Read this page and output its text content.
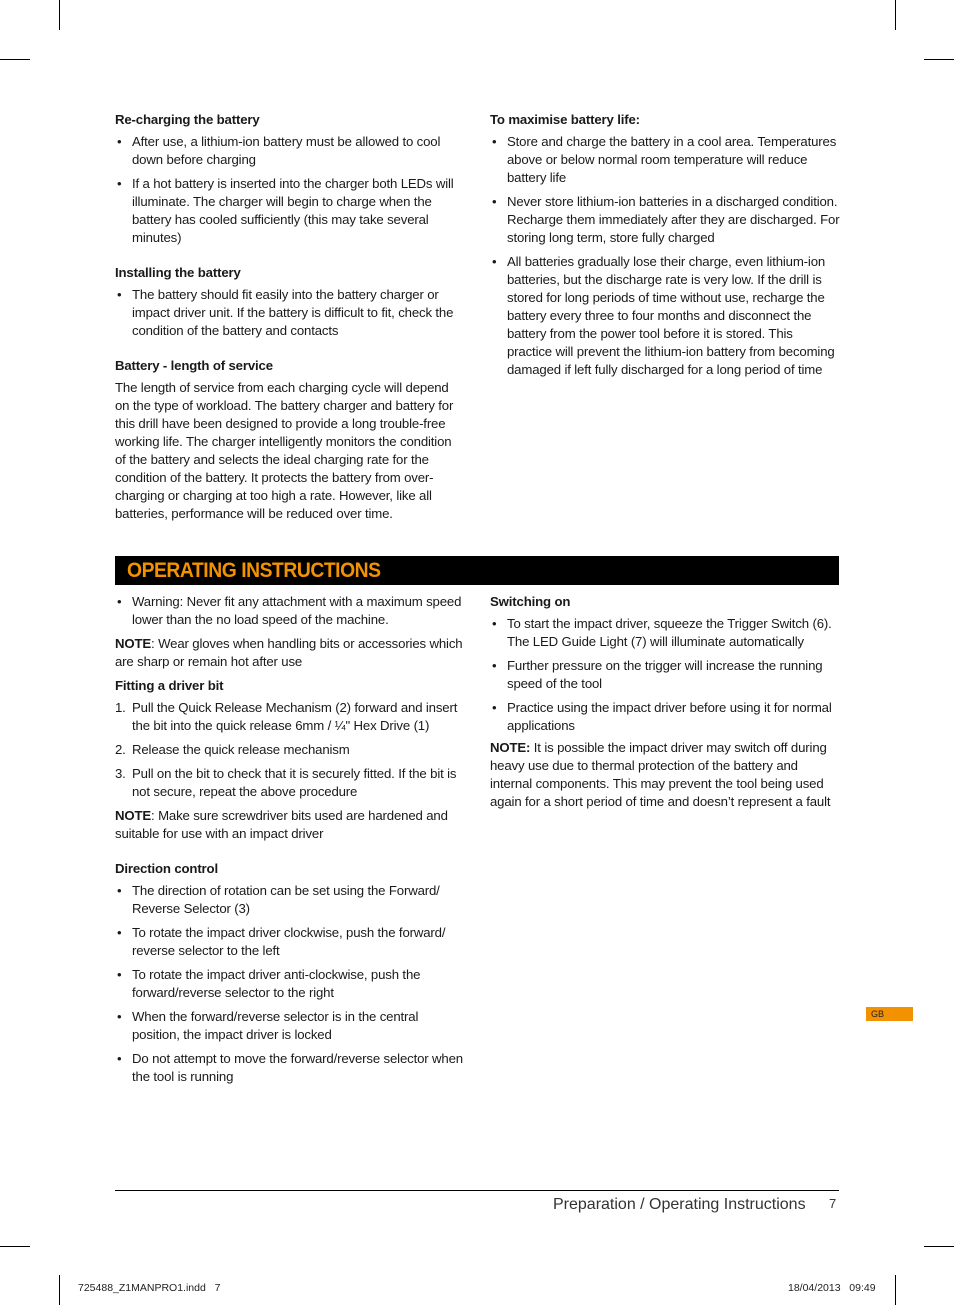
Re-charging the battery
• After use, a lithium-ion battery must be allowed to cool down before charging
• If a hot battery is inserted into the charger both LEDs will illuminate. The charger will begin to charge when the battery has cooled sufficiently (this may take several minutes)
Installing the battery
• The battery should fit easily into the battery charger or impact driver unit. If the battery is difficult to fit, check the condition of the battery and contacts
Battery - length of service

The length of service from each charging cycle will depend on the type of workload. The battery charger and battery for this drill have been designed to provide a long trouble-free working life. The charger intelligently monitors the condition of the battery and selects the ideal charging rate for the condition of the battery. It protects the battery from over-charging or charging at too high a rate. However, like all batteries, performance will be reduced over time.

To maximise battery life:
• Store and charge the battery in a cool area. Temperatures above or below normal room temperature will reduce battery life
• Never store lithium-ion batteries in a discharged condition. Recharge them immediately after they are discharged. For storing long term, store fully charged
• All batteries gradually lose their charge, even lithium-ion batteries, but the discharge rate is very low. If the drill is stored for long periods of time without use, recharge the battery every three to four months and disconnect the battery from the power tool before it is stored. This practice will prevent the lithium-ion battery from becoming damaged if left fully discharged for a long period of time
OPERATING INSTRUCTIONS
• Warning: Never fit any attachment with a maximum speed lower than the no load speed of the machine.

NOTE: Wear gloves when handling bits or accessories which are sharp or remain hot after use

Fitting a driver bit
1. Pull the Quick Release Mechanism (2) forward and insert the bit into the quick release 6mm / ¼" Hex Drive (1)
2. Release the quick release mechanism
3. Pull on the bit to check that it is securely fitted. If the bit is not secure, repeat the above procedure

NOTE: Make sure screwdriver bits used are hardened and suitable for use with an impact driver

Direction control
• The direction of rotation can be set using the Forward/ Reverse Selector (3)
• To rotate the impact driver clockwise, push the forward/ reverse selector to the left
• To rotate the impact driver anti-clockwise, push the forward/reverse selector to the right
• When the forward/reverse selector is in the central position, the impact driver is locked
• Do not attempt to move the forward/reverse selector when the tool is running
Switching on
• To start the impact driver, squeeze the Trigger Switch (6). The LED Guide Light (7) will illuminate automatically
• Further pressure on the trigger will increase the running speed of the tool
• Practice using the impact driver before using it for normal applications

NOTE: It is possible the impact driver may switch off during heavy use due to thermal protection of the battery and internal components. This may prevent the tool being used again for a short period of time and doesn’t represent a fault

GB
Preparation / Operating Instructions 7
725488_Z1MANPRO1.indd   7	18/04/2013   09:49
